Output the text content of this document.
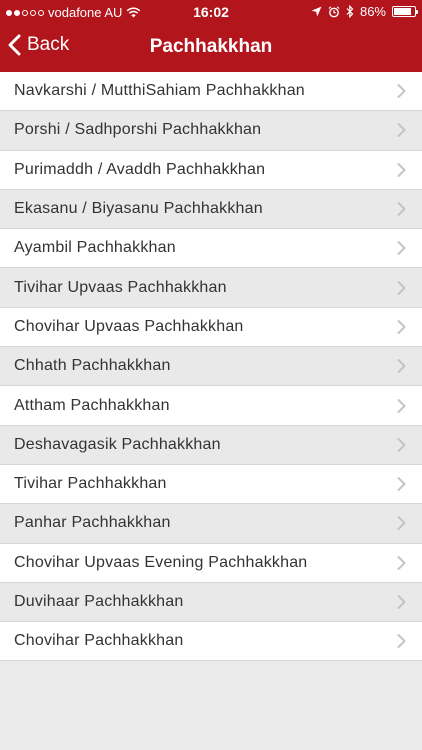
vodafone AU	16:02	86%
Back	Pachhakkhan
Navkarshi / MutthiSahiam Pachhakkhan
Porshi / Sadhporshi Pachhakkhan
Purimaddh / Avaddh Pachhakkhan
Ekasanu / Biyasanu Pachhakkhan
Ayambil Pachhakkhan
Tivihar Upvaas Pachhakkhan
Chovihar Upvaas Pachhakkhan
Chhath Pachhakkhan
Attham Pachhakkhan
Deshavagasik Pachhakkhan
Tivihar Pachhakkhan
Panhar Pachhakkhan
Chovihar Upvaas Evening Pachhakkhan
Duvihaar Pachhakkhan
Chovihar Pachhakkhan
